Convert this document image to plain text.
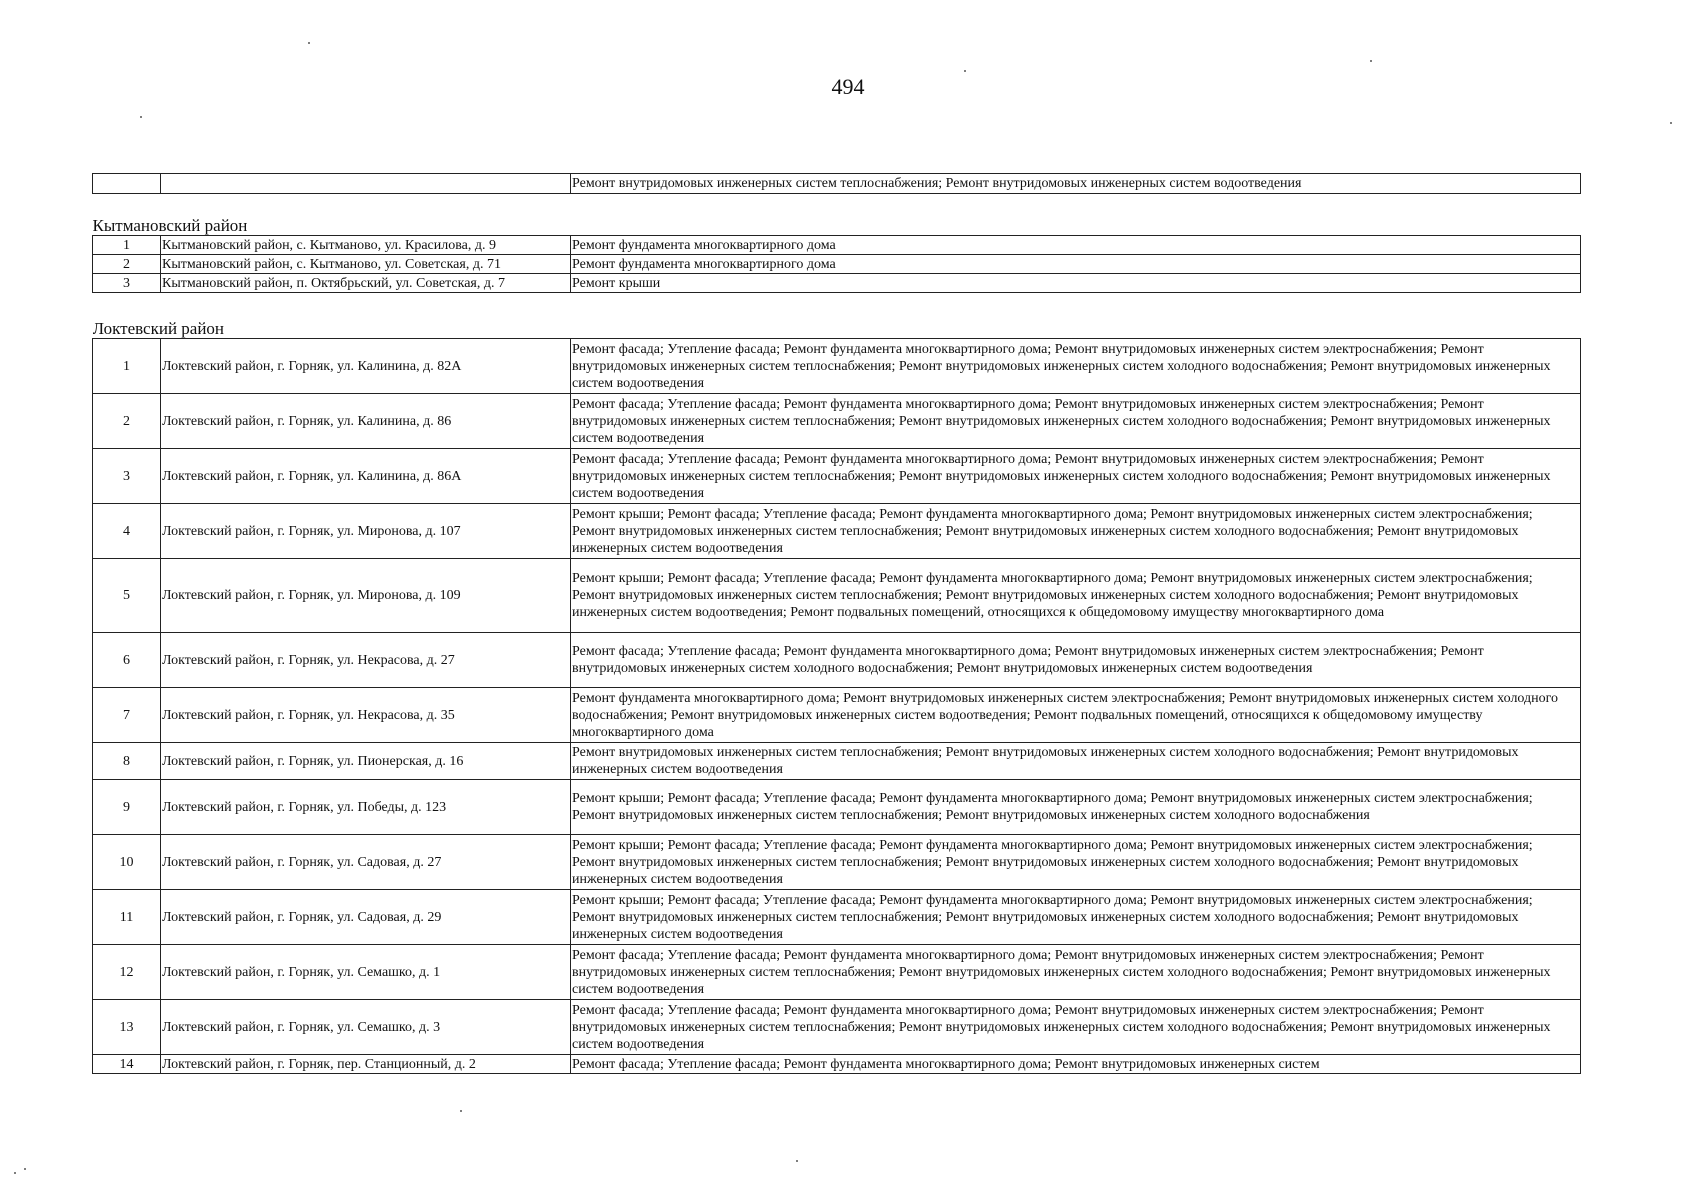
494
		Ремонт внутридомовых инженерных систем теплоснабжения; Ремонт внутридомовых инженерных систем водоотведения
Кытмановский район		
1	Кытмановский район, с. Кытманово, ул. Красилова, д. 9	Ремонт фундамента многоквартирного дома
2	Кытмановский район, с. Кытманово, ул. Советская, д. 71	Ремонт фундамента многоквартирного дома
3	Кытмановский район, п. Октябрьский, ул. Советская, д. 7	Ремонт крыши
Локтевский район		
1	Локтевский район, г. Горняк, ул. Калинина, д. 82А	Ремонт фасада; Утепление фасада; Ремонт фундамента многоквартирного дома; Ремонт внутридомовых инженерных систем электроснабжения; Ремонт внутридомовых инженерных систем теплоснабжения; Ремонт внутридомовых инженерных систем холодного водоснабжения; Ремонт внутридомовых инженерных систем водоотведения
2	Локтевский район, г. Горняк, ул. Калинина, д. 86	Ремонт фасада; Утепление фасада; Ремонт фундамента многоквартирного дома; Ремонт внутридомовых инженерных систем электроснабжения; Ремонт внутридомовых инженерных систем теплоснабжения; Ремонт внутридомовых инженерных систем холодного водоснабжения; Ремонт внутридомовых инженерных систем водоотведения
3	Локтевский район, г. Горняк, ул. Калинина, д. 86А	Ремонт фасада; Утепление фасада; Ремонт фундамента многоквартирного дома; Ремонт внутридомовых инженерных систем электроснабжения; Ремонт внутридомовых инженерных систем теплоснабжения; Ремонт внутридомовых инженерных систем холодного водоснабжения; Ремонт внутридомовых инженерных систем водоотведения
4	Локтевский район, г. Горняк, ул. Миронова, д. 107	Ремонт крыши; Ремонт фасада; Утепление фасада; Ремонт фундамента многоквартирного дома; Ремонт внутридомовых инженерных систем электроснабжения; Ремонт внутридомовых инженерных систем теплоснабжения; Ремонт внутридомовых инженерных систем холодного водоснабжения; Ремонт внутридомовых инженерных систем водоотведения
5	Локтевский район, г. Горняк, ул. Миронова, д. 109	Ремонт крыши; Ремонт фасада; Утепление фасада; Ремонт фундамента многоквартирного дома; Ремонт внутридомовых инженерных систем электроснабжения; Ремонт внутридомовых инженерных систем теплоснабжения; Ремонт внутридомовых инженерных систем холодного водоснабжения; Ремонт внутридомовых инженерных систем водоотведения; Ремонт подвальных помещений, относящихся к общедомовому имуществу многоквартирного дома
6	Локтевский район, г. Горняк, ул. Некрасова, д. 27	Ремонт фасада; Утепление фасада; Ремонт фундамента многоквартирного дома; Ремонт внутридомовых инженерных систем электроснабжения; Ремонт внутридомовых инженерных систем холодного водоснабжения; Ремонт внутридомовых инженерных систем водоотведения
7	Локтевский район, г. Горняк, ул. Некрасова, д. 35	Ремонт фундамента многоквартирного дома; Ремонт внутридомовых инженерных систем электроснабжения; Ремонт внутридомовых инженерных систем холодного водоснабжения; Ремонт внутридомовых инженерных систем водоотведения; Ремонт подвальных помещений, относящихся к общедомовому имуществу многоквартирного дома
8	Локтевский район, г. Горняк, ул. Пионерская, д. 16	Ремонт внутридомовых инженерных систем теплоснабжения; Ремонт внутридомовых инженерных систем холодного водоснабжения; Ремонт внутридомовых инженерных систем водоотведения
9	Локтевский район, г. Горняк, ул. Победы, д. 123	Ремонт крыши; Ремонт фасада; Утепление фасада; Ремонт фундамента многоквартирного дома; Ремонт внутридомовых инженерных систем электроснабжения; Ремонт внутридомовых инженерных систем теплоснабжения; Ремонт внутридомовых инженерных систем холодного водоснабжения
10	Локтевский район, г. Горняк, ул. Садовая, д. 27	Ремонт крыши; Ремонт фасада; Утепление фасада; Ремонт фундамента многоквартирного дома; Ремонт внутридомовых инженерных систем электроснабжения; Ремонт внутридомовых инженерных систем теплоснабжения; Ремонт внутридомовых инженерных систем холодного водоснабжения; Ремонт внутридомовых инженерных систем водоотведения
11	Локтевский район, г. Горняк, ул. Садовая, д. 29	Ремонт крыши; Ремонт фасада; Утепление фасада; Ремонт фундамента многоквартирного дома; Ремонт внутридомовых инженерных систем электроснабжения; Ремонт внутридомовых инженерных систем теплоснабжения; Ремонт внутридомовых инженерных систем холодного водоснабжения; Ремонт внутридомовых инженерных систем водоотведения
12	Локтевский район, г. Горняк, ул. Семашко, д. 1	Ремонт фасада; Утепление фасада; Ремонт фундамента многоквартирного дома; Ремонт внутридомовых инженерных систем электроснабжения; Ремонт внутридомовых инженерных систем теплоснабжения; Ремонт внутридомовых инженерных систем холодного водоснабжения; Ремонт внутридомовых инженерных систем водоотведения
13	Локтевский район, г. Горняк, ул. Семашко, д. 3	Ремонт фасада; Утепление фасада; Ремонт фундамента многоквартирного дома; Ремонт внутридомовых инженерных систем электроснабжения; Ремонт внутридомовых инженерных систем теплоснабжения; Ремонт внутридомовых инженерных систем холодного водоснабжения; Ремонт внутридомовых инженерных систем водоотведения
14	Локтевский район, г. Горняк, пер. Станционный, д. 2	Ремонт фасада; Утепление фасада; Ремонт фундамента многоквартирного дома; Ремонт внутридомовых инженерных систем
